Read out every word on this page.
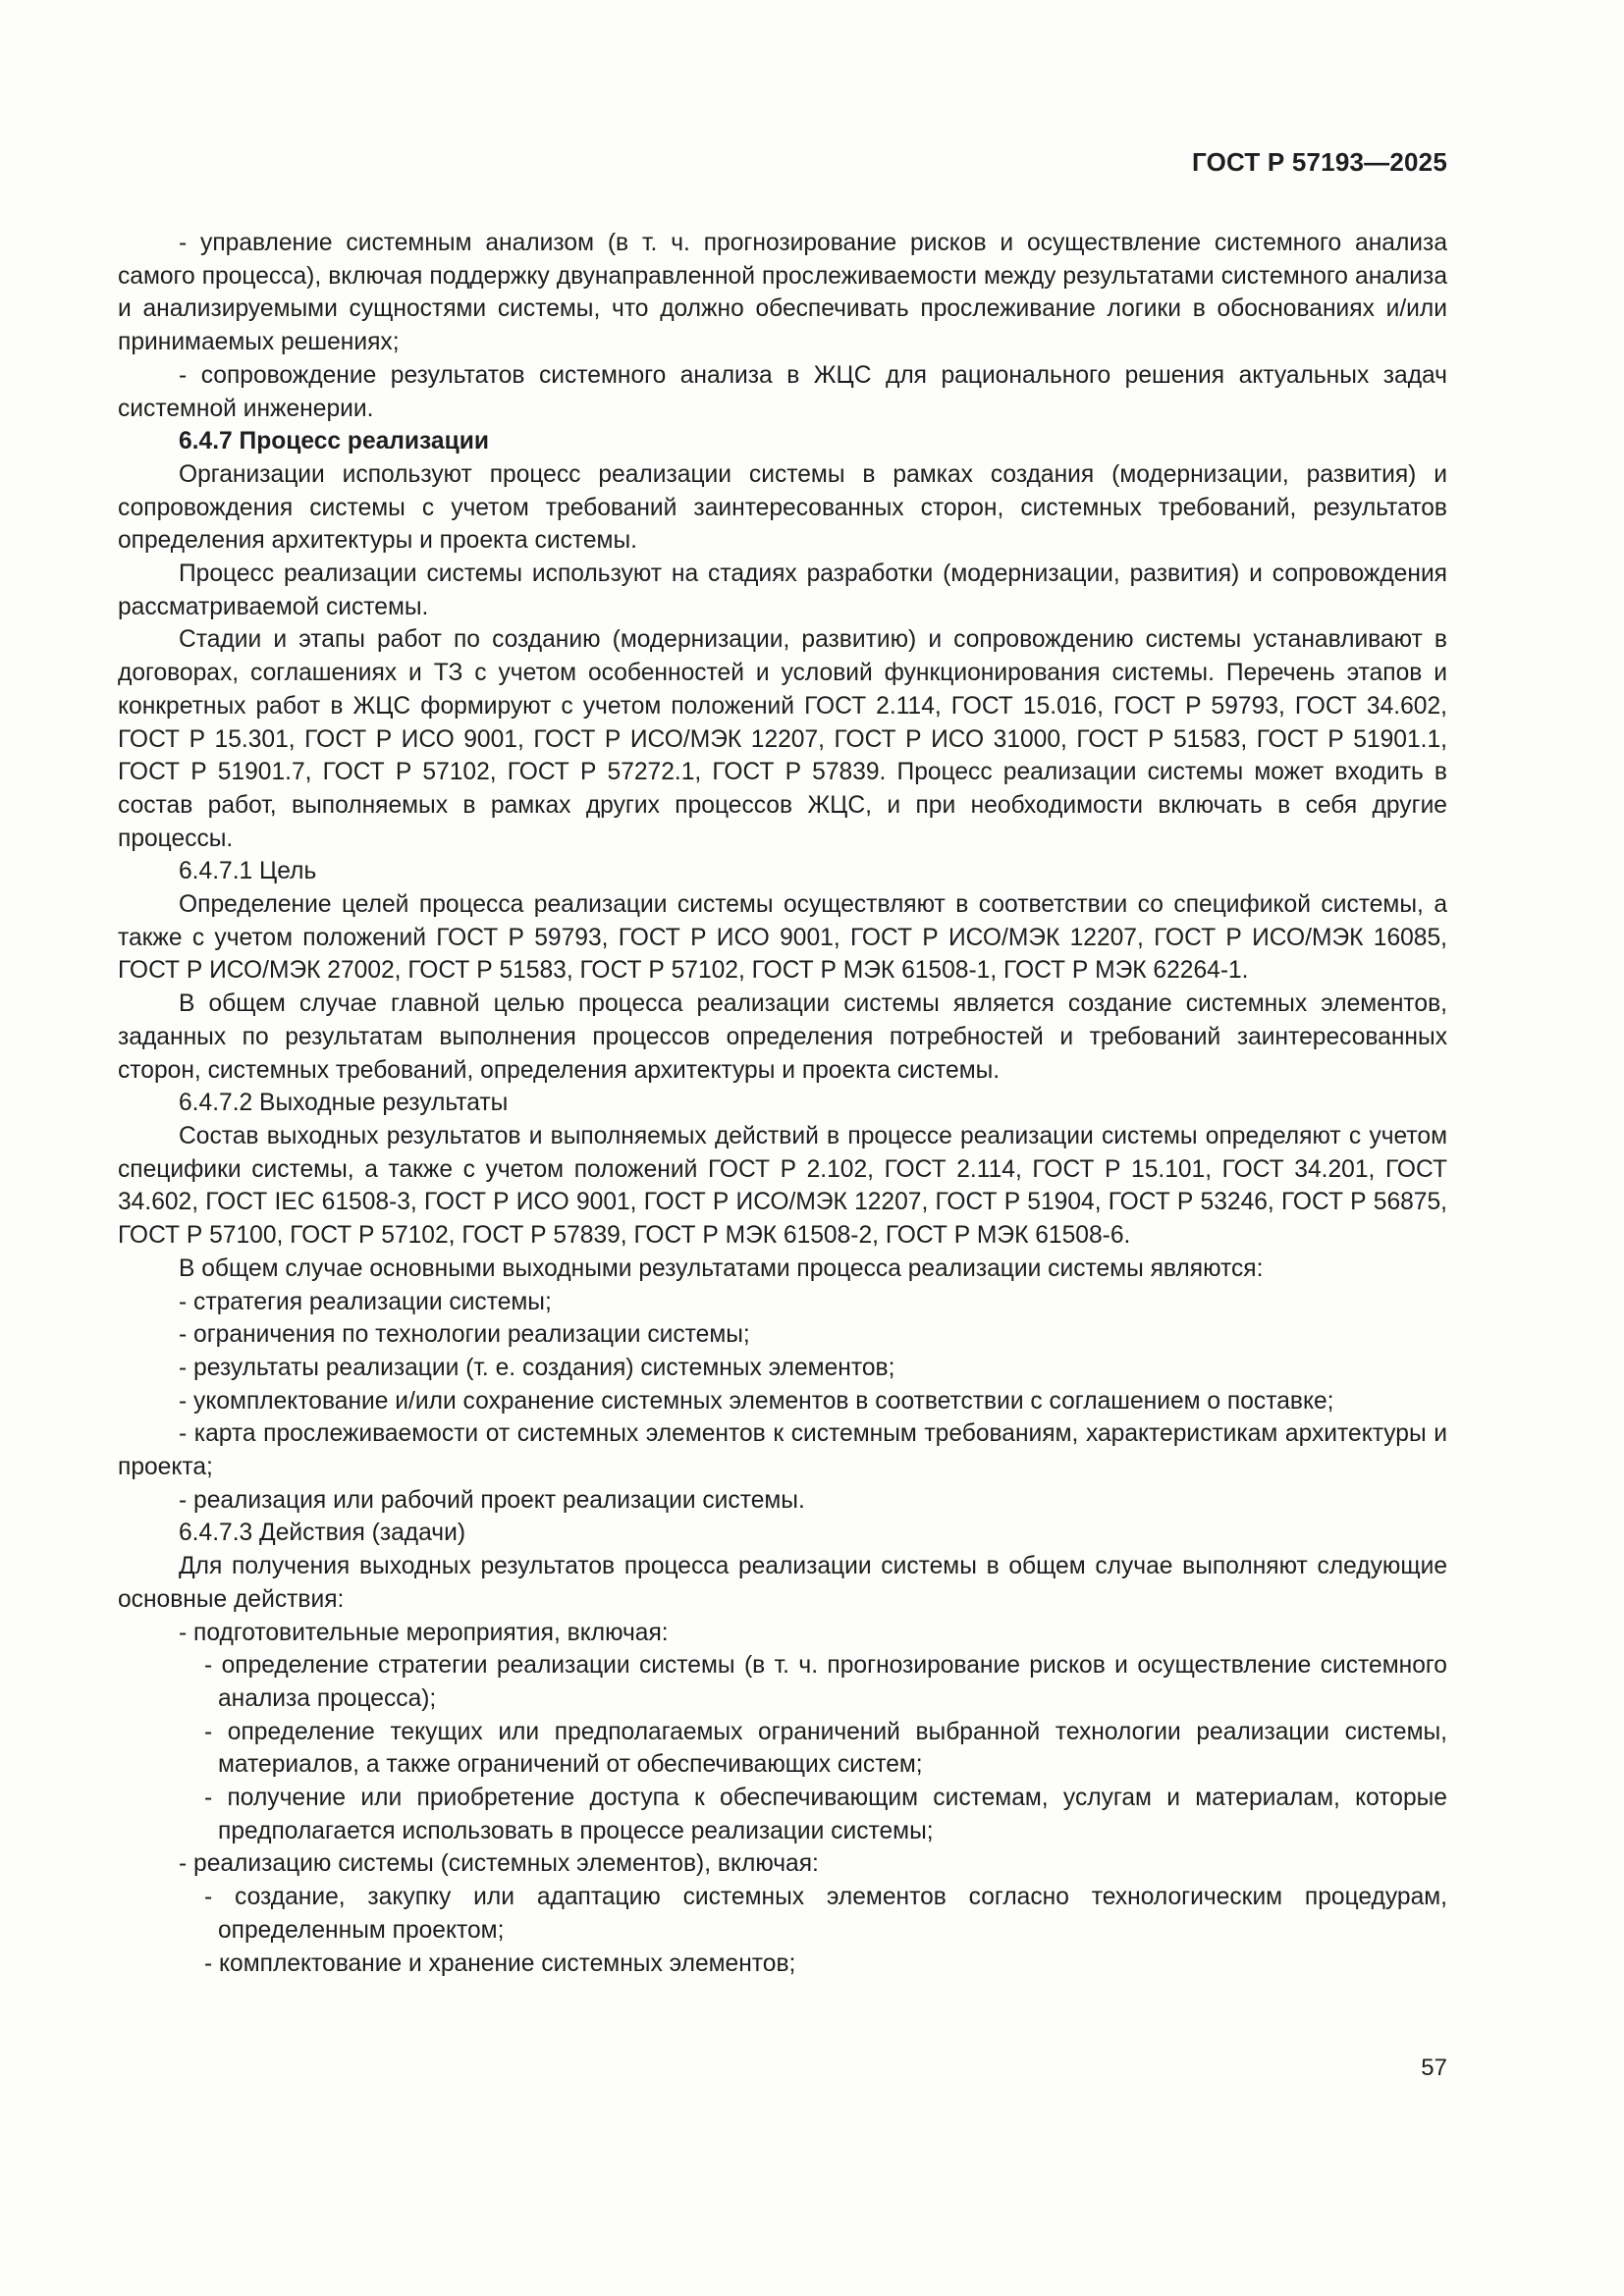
ГОСТ Р 57193—2025

- управление системным анализом (в т. ч. прогнозирование рисков и осуществление системного анализа самого процесса), включая поддержку двунаправленной прослеживаемости между результатами системного анализа и анализируемыми сущностями системы, что должно обеспечивать прослеживание логики в обоснованиях и/или принимаемых решениях;

- сопровождение результатов системного анализа в ЖЦС для рационального решения актуальных задач системной инженерии.

6.4.7 Процесс реализации

Организации используют процесс реализации системы в рамках создания (модернизации, развития) и сопровождения системы с учетом требований заинтересованных сторон, системных требований, результатов определения архитектуры и проекта системы.

Процесс реализации системы используют на стадиях разработки (модернизации, развития) и сопровождения рассматриваемой системы.

Стадии и этапы работ по созданию (модернизации, развитию) и сопровождению системы устанавливают в договорах, соглашениях и ТЗ с учетом особенностей и условий функционирования системы. Перечень этапов и конкретных работ в ЖЦС формируют с учетом положений ГОСТ 2.114, ГОСТ 15.016, ГОСТ Р 59793, ГОСТ 34.602, ГОСТ Р 15.301, ГОСТ Р ИСО 9001, ГОСТ Р ИСО/МЭК 12207, ГОСТ Р ИСО 31000, ГОСТ Р 51583, ГОСТ Р 51901.1, ГОСТ Р 51901.7, ГОСТ Р 57102, ГОСТ Р 57272.1, ГОСТ Р 57839. Процесс реализации системы может входить в состав работ, выполняемых в рамках других процессов ЖЦС, и при необходимости включать в себя другие процессы.

6.4.7.1 Цель

Определение целей процесса реализации системы осуществляют в соответствии со спецификой системы, а также с учетом положений ГОСТ Р 59793, ГОСТ Р ИСО 9001, ГОСТ Р ИСО/МЭК 12207, ГОСТ Р ИСО/МЭК 16085, ГОСТ Р ИСО/МЭК 27002, ГОСТ Р 51583, ГОСТ Р 57102, ГОСТ Р МЭК 61508-1, ГОСТ Р МЭК 62264-1.

В общем случае главной целью процесса реализации системы является создание системных элементов, заданных по результатам выполнения процессов определения потребностей и требований заинтересованных сторон, системных требований, определения архитектуры и проекта системы.

6.4.7.2 Выходные результаты

Состав выходных результатов и выполняемых действий в процессе реализации системы определяют с учетом специфики системы, а также с учетом положений ГОСТ Р 2.102, ГОСТ 2.114, ГОСТ Р 15.101, ГОСТ 34.201, ГОСТ 34.602, ГОСТ IEC 61508-3, ГОСТ Р ИСО 9001, ГОСТ Р ИСО/МЭК 12207, ГОСТ Р 51904, ГОСТ Р 53246, ГОСТ Р 56875, ГОСТ Р 57100, ГОСТ Р 57102, ГОСТ Р 57839, ГОСТ Р МЭК 61508-2, ГОСТ Р МЭК 61508-6.

В общем случае основными выходными результатами процесса реализации системы являются:

- стратегия реализации системы;

- ограничения по технологии реализации системы;

- результаты реализации (т. е. создания) системных элементов;

- укомплектование и/или сохранение системных элементов в соответствии с соглашением о поставке;

- карта прослеживаемости от системных элементов к системным требованиям, характеристикам архитектуры и проекта;

- реализация или рабочий проект реализации системы.

6.4.7.3 Действия (задачи)

Для получения выходных результатов процесса реализации системы в общем случае выполняют следующие основные действия:

- подготовительные мероприятия, включая:

- определение стратегии реализации системы (в т. ч. прогнозирование рисков и осуществление системного анализа процесса);

- определение текущих или предполагаемых ограничений выбранной технологии реализации системы, материалов, а также ограничений от обеспечивающих систем;

- получение или приобретение доступа к обеспечивающим системам, услугам и материалам, которые предполагается использовать в процессе реализации системы;

- реализацию системы (системных элементов), включая:

- создание, закупку или адаптацию системных элементов согласно технологическим процедурам, определенным проектом;

- комплектование и хранение системных элементов;

57
